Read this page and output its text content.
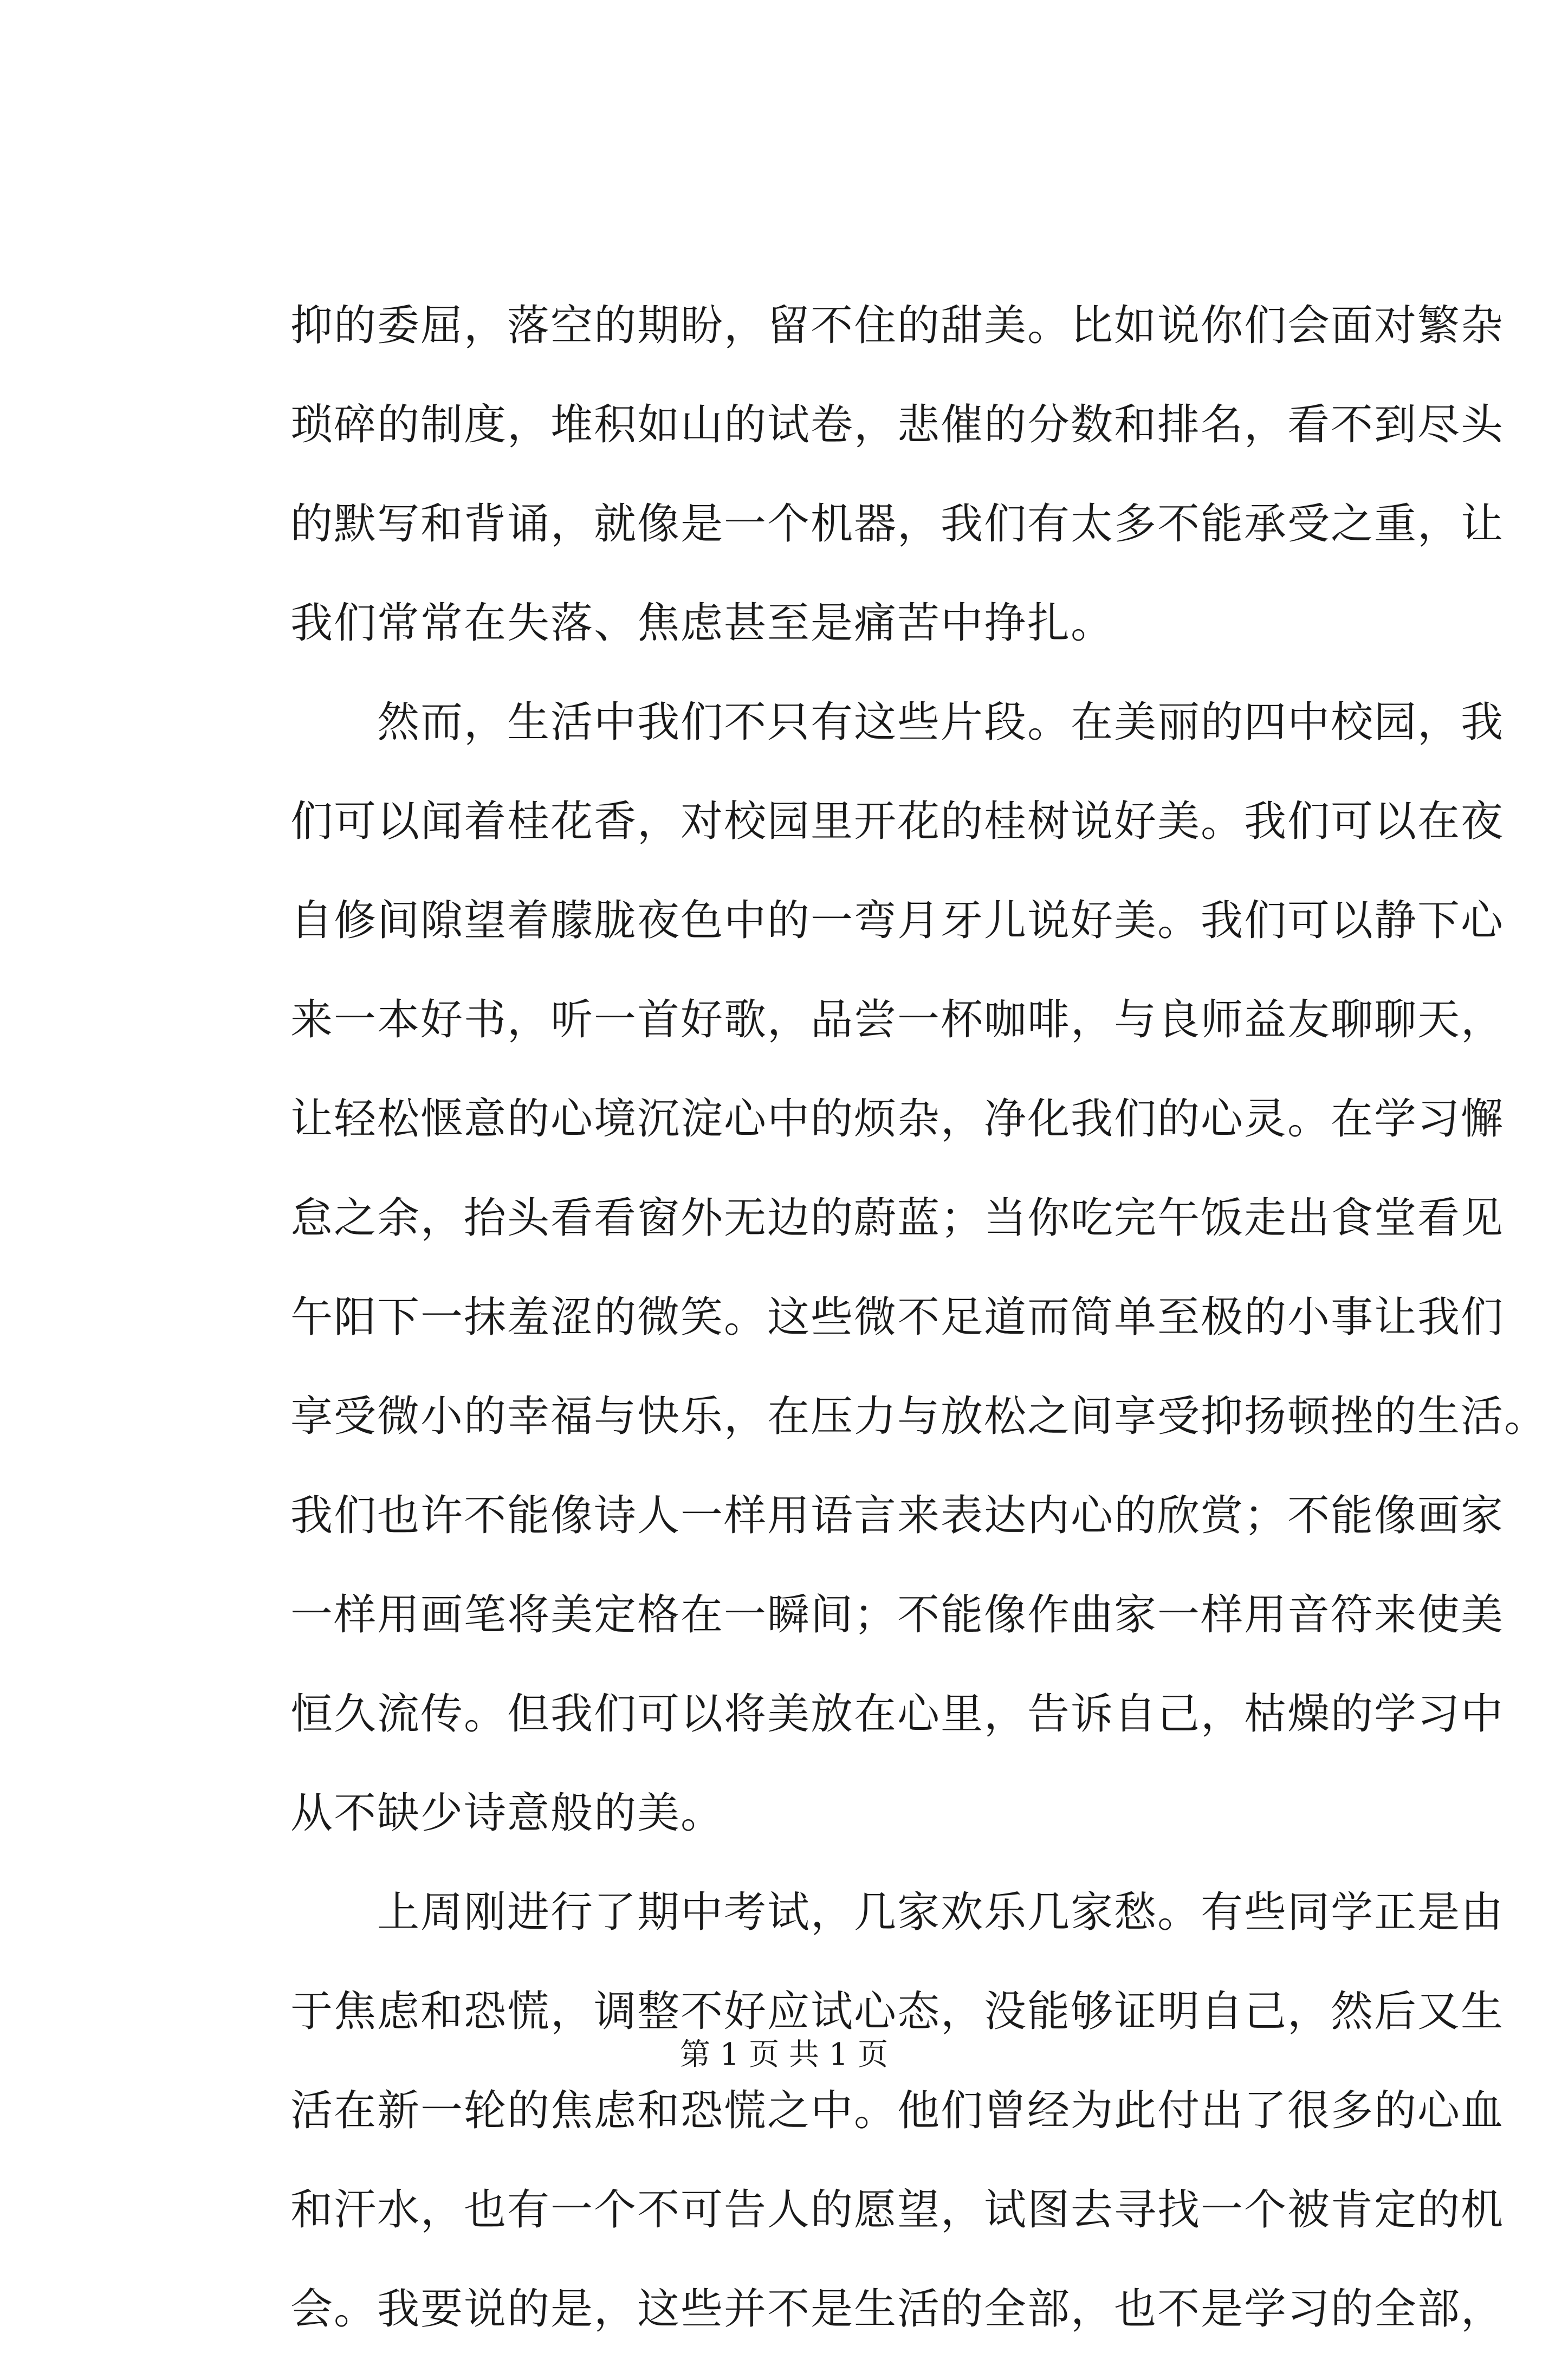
抑的委屈，落空的期盼，留不住的甜美。比如说你们会面对繁杂
琐碎的制度，堆积如山的试卷，悲催的分数和排名，看不到尽头
的默写和背诵，就像是一个机器，我们有太多不能承受之重，让
我们常常在失落、焦虑甚至是痛苦中挣扎。
　　然而，生活中我们不只有这些片段。在美丽的四中校园，我
们可以闻着桂花香，对校园里开花的桂树说好美。我们可以在夜
自修间隙望着朦胧夜色中的一弯月牙儿说好美。我们可以静下心
来一本好书，听一首好歌，品尝一杯咖啡，与良师益友聊聊天，
让轻松惬意的心境沉淀心中的烦杂，净化我们的心灵。在学习懈
怠之余，抬头看看窗外无边的蔚蓝；当你吃完午饭走出食堂看见
午阳下一抹羞涩的微笑。这些微不足道而简单至极的小事让我们
享受微小的幸福与快乐，在压力与放松之间享受抑扬顿挫的生活。
我们也许不能像诗人一样用语言来表达内心的欣赏；不能像画家
一样用画笔将美定格在一瞬间；不能像作曲家一样用音符来使美
恒久流传。但我们可以将美放在心里，告诉自己，枯燥的学习中
从不缺少诗意般的美。
　　上周刚进行了期中考试，几家欢乐几家愁。有些同学正是由
于焦虑和恐慌，调整不好应试心态，没能够证明自己，然后又生
活在新一轮的焦虑和恐慌之中。他们曾经为此付出了很多的心血
和汗水，也有一个不可告人的愿望，试图去寻找一个被肯定的机
会。我要说的是，这些并不是生活的全部，也不是学习的全部，
第 1 页 共 1 页
